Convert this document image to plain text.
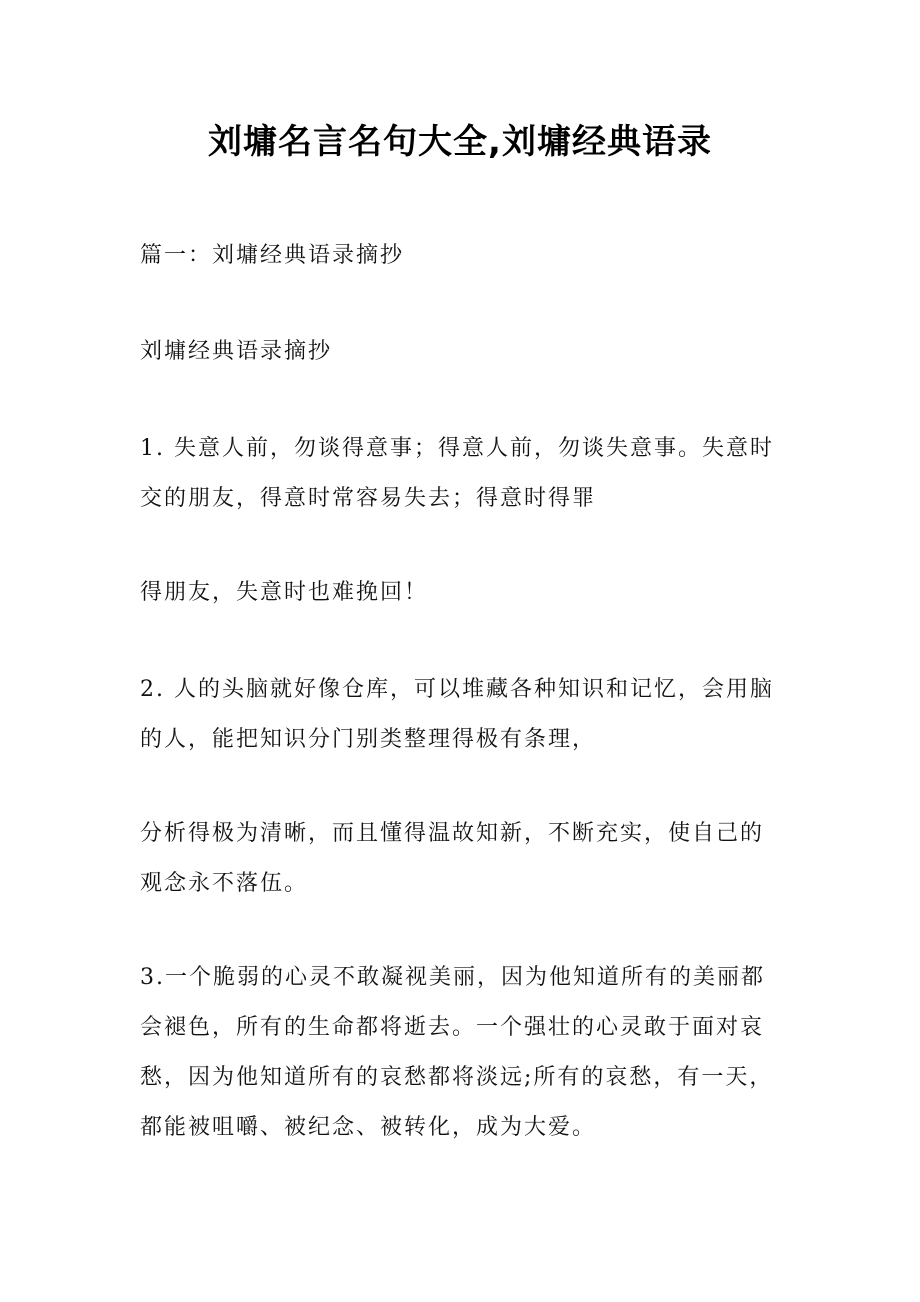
刘墉名言名句大全,刘墉经典语录

篇一：刘墉经典语录摘抄

刘墉经典语录摘抄

1. 失意人前，勿谈得意事；得意人前，勿谈失意事。失意时交的朋友，得意时常容易失去；得意时得罪

得朋友，失意时也难挽回！

2. 人的头脑就好像仓库，可以堆藏各种知识和记忆，会用脑的人，能把知识分门别类整理得极有条理，

分析得极为清晰，而且懂得温故知新，不断充实，使自己的观念永不落伍。

3.一个脆弱的心灵不敢凝视美丽，因为他知道所有的美丽都会褪色，所有的生命都将逝去。一个强壮的心灵敢于面对哀愁，因为他知道所有的哀愁都将淡远;所有的哀愁，有一天，都能被咀嚼、被纪念、被转化，成为大爱。
